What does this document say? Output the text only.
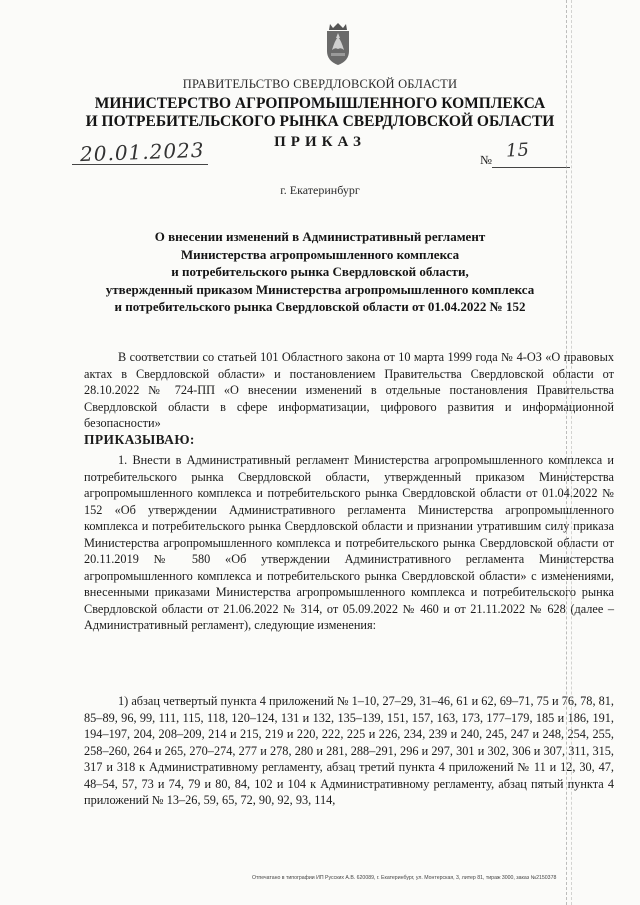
ПРАВИТЕЛЬСТВО СВЕРДЛОВСКОЙ ОБЛАСТИ
МИНИСТЕРСТВО АГРОПРОМЫШЛЕННОГО КОМПЛЕКСА
И ПОТРЕБИТЕЛЬСКОГО РЫНКА СВЕРДЛОВСКОЙ ОБЛАСТИ
ПРИКАЗ
20.01.2023	№ 15
г. Екатеринбург
О внесении изменений в Административный регламент
Министерства агропромышленного комплекса
и потребительского рынка Свердловской области,
утвержденный приказом Министерства агропромышленного комплекса
и потребительского рынка Свердловской области от 01.04.2022 № 152
В соответствии со статьей 101 Областного закона от 10 марта 1999 года № 4-ОЗ «О правовых актах в Свердловской области» и постановлением Правительства Свердловской области от 28.10.2022 № 724-ПП «О внесении изменений в отдельные постановления Правительства Свердловской области в сфере информатизации, цифрового развития и информационной безопасности»
ПРИКАЗЫВАЮ:
1. Внести в Административный регламент Министерства агропромышленного комплекса и потребительского рынка Свердловской области, утвержденный приказом Министерства агропромышленного комплекса и потребительского рынка Свердловской области от 01.04.2022 № 152 «Об утверждении Административного регламента Министерства агропромышленного комплекса и потребительского рынка Свердловской области и признании утратившим силу приказа Министерства агропромышленного комплекса и потребительского рынка Свердловской области от 20.11.2019 № 580 «Об утверждении Административного регламента Министерства агропромышленного комплекса и потребительского рынка Свердловской области» с изменениями, внесенными приказами Министерства агропромышленного комплекса и потребительского рынка Свердловской области от 21.06.2022 № 314, от 05.09.2022 № 460 и от 21.11.2022 № 628 (далее – Административный регламент), следующие изменения:
1) абзац четвертый пункта 4 приложений № 1–10, 27–29, 31–46, 61 и 62, 69–71, 75 и 76, 78, 81, 85–89, 96, 99, 111, 115, 118, 120–124, 131 и 132, 135–139, 151, 157, 163, 173, 177–179, 185 и 186, 191, 194–197, 204, 208–209, 214 и 215, 219 и 220, 222, 225 и 226, 234, 239 и 240, 245, 247 и 248, 254, 255, 258–260, 264 и 265, 270–274, 277 и 278, 280 и 281, 288–291, 296 и 297, 301 и 302, 306 и 307, 311, 315, 317 и 318 к Административному регламенту, абзац третий пункта 4 приложений № 11 и 12, 30, 47, 48–54, 57, 73 и 74, 79 и 80, 84, 102 и 104 к Административному регламенту, абзац пятый пункта 4 приложений № 13–26, 59, 65, 72, 90, 92, 93, 114,
Отпечатано в типографии ИП Русских А.В. 620089, г. Екатеринбург, ул. Монтерская, 3, литер 81, тираж 3000, заказ №2150378
